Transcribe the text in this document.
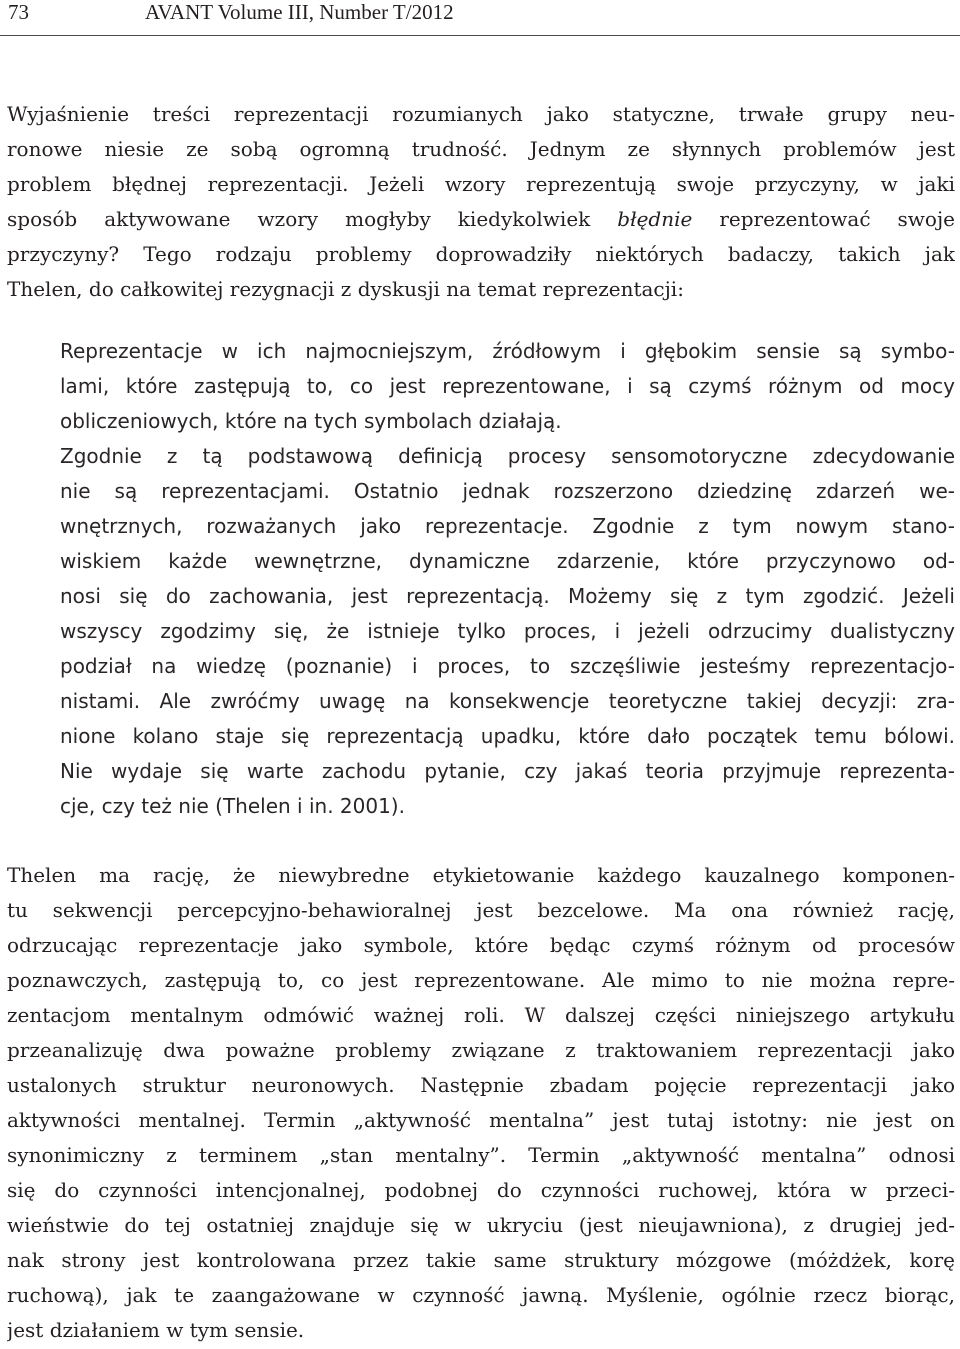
73	AVANT Volume III, Number T/2012
Wyjaśnienie treści reprezentacji rozumianych jako statyczne, trwałe grupy neu-
ronowe niesie ze sobą ogromną trudność. Jednym ze słynnych problemów jest
problem błędnej reprezentacji. Jeżeli wzory reprezentują swoje przyczyny, w jaki
sposób aktywowane wzory mogłyby kiedykolwiek błędnie reprezentować swoje
przyczyny? Tego rodzaju problemy doprowadziły niektórych badaczy, takich jak
Thelen, do całkowitej rezygnacji z dyskusji na temat reprezentacji:
Reprezentacje w ich najmocniejszym, źródłowym i głębokim sensie są symbo-
lami, które zastępują to, co jest reprezentowane, i są czymś różnym od mocy
obliczeniowych, które na tych symbolach działają.
Zgodnie z tą podstawową definicją procesy sensomotoryczne zdecydowanie
nie są reprezentacjami. Ostatnio jednak rozszerzono dziedzinę zdarzeń we-
wnętrznych, rozważanych jako reprezentacje. Zgodnie z tym nowym stano-
wiskiem każde wewnętrzne, dynamiczne zdarzenie, które przyczynowo od-
nosi się do zachowania, jest reprezentacją. Możemy się z tym zgodzić. Jeżeli
wszyscy zgodzimy się, że istnieje tylko proces, i jeżeli odrzucimy dualistyczny
podział na wiedzę (poznanie) i proces, to szczęśliwie jesteśmy reprezentacjo-
nistami. Ale zwróćmy uwagę na konsekwencje teoretyczne takiej decyzji: zra-
nione kolano staje się reprezentacją upadku, które dało początek temu bólowi.
Nie wydaje się warte zachodu pytanie, czy jakaś teoria przyjmuje reprezenta-
cje, czy też nie (Thelen i in. 2001).
Thelen ma rację, że niewybredne etykietowanie każdego kauzalnego komponen-
tu sekwencji percepcyjno-behawioralnej jest bezcelowe. Ma ona również rację,
odrzucając reprezentacje jako symbole, które będąc czymś różnym od procesów
poznawczych, zastępują to, co jest reprezentowane. Ale mimo to nie można repre-
zentacjom mentalnym odmówić ważnej roli. W dalszej części niniejszego artykułu
przeanalizuję dwa poważne problemy związane z traktowaniem reprezentacji jako
ustalonych struktur neuronowych. Następnie zbadam pojęcie reprezentacji jako
aktywności mentalnej. Termin „aktywność mentalna” jest tutaj istotny: nie jest on
synonimiczny z terminem „stan mentalny”. Termin „aktywność mentalna” odnosi
się do czynności intencjonalnej, podobnej do czynności ruchowej, która w przeci-
wieństwie do tej ostatniej znajduje się w ukryciu (jest nieujawniona), z drugiej jed-
nak strony jest kontrolowana przez takie same struktury mózgowe (móżdżek, korę
ruchową), jak te zaangażowane w czynność jawną. Myślenie, ogólnie rzecz biorąc,
jest działaniem w tym sensie.
